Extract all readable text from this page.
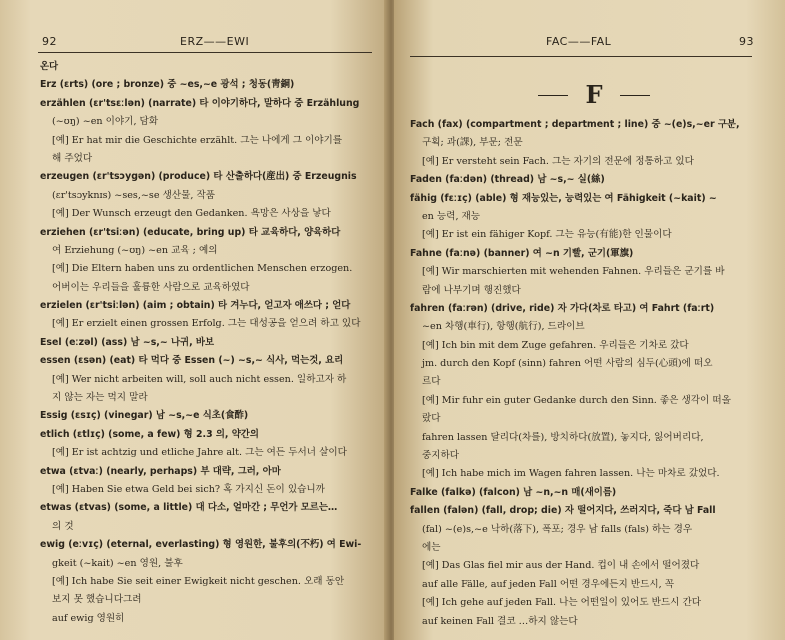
92	ERZ——EWI
온다
Erz (ɛrts) (ore ; bronze) 중 ~es,~e 광석 ; 청동(靑銅)
erzählen (ɛr'tsɛːlən) (narrate) 타 이야기하다, 말하다 중 Erzählung
(~ʊŋ) ~en 이야기, 담화
[예] Er hat mir die Geschichte erzählt. 그는 나에게 그 이야기를
해 주었다
erzeugen (ɛr'tsɔygən) (produce) 타 산출하다(産出) 중 Erzeugnis
(ɛr'tsɔyknɪs) ~ses,~se 생산물, 작품
[예] Der Wunsch erzeugt den Gedanken. 욕망은 사상을 낳다
erziehen (ɛr'tsiːən) (educate, bring up) 타 교육하다, 양육하다
여 Erziehung (~ʊŋ) ~en 교육 ; 예의
[예] Die Eltern haben uns zu ordentlichen Menschen erzogen.
어버이는 우리들을 훌륭한 사람으로 교육하였다
erzielen (ɛr'tsiːlən) (aim ; obtain) 타 겨누다, 얻고자 애쓰다 ; 얻다
[예] Er erzielt einen grossen Erfolg. 그는 대성공을 얻으려 하고 있다
Esel (eːzəl) (ass) 남 ~s,~ 나귀, 바보
essen (ɛsən) (eat) 타 먹다 중 Essen (~) ~s,~ 식사, 먹는것, 요리
[예] Wer nicht arbeiten will, soll auch nicht essen. 일하고자 하
지 않는 자는 먹지 말라
Essig (ɛsɪç) (vinegar) 남 ~s,~e 식초(食酢)
etlich (ɛtlɪç) (some, a few) 형 2.3 의, 약간의
[예] Er ist achtzig und etliche Jahre alt. 그는 여든 두서너 살이다
etwa (ɛtvaː) (nearly, perhaps) 부 대략, 그러, 아마
[예] Haben Sie etwa Geld bei sich? 혹 가지신 돈이 있습니까
etwas (ɛtvas) (some, a little) 대 다소, 얼마간 ; 무언가 모르는…
의 것
ewig (eːvɪç) (eternal, everlasting) 형 영원한, 불후의(不朽) 여 Ewi-
gkeit (~kait) ~en 영원, 불후
[예] Ich habe Sie seit einer Ewigkeit nicht geschen. 오래 동안
보지 못 했습니다그려
auf ewig 영원히
FAC——FAL	93
F
Fach (fax) (compartment ; department ; line) 중 ~(e)s,~er 구분,
구획; 과(課), 부문; 전문
[예] Er versteht sein Fach. 그는 자기의 전문에 정통하고 있다
Faden (faːdən) (thread) 남 ~s,~ 실(絲)
fähig (fɛːɪç) (able) 형 재능있는, 능력있는 여 Fähigkeit (~kait) ~
en 능력, 재능
[예] Er ist ein fähiger Kopf. 그는 유능(有能)한 인물이다
Fahne (faːnə) (banner) 여 ~n 기빨, 군기(軍旗)
[예] Wir marschierten mit wehenden Fahnen. 우리들은 군기를 바
람에 나부기며 행진했다
fahren (faːrən) (drive, ride) 자 가다(차로 타고) 여 Fahrt (faːrt)
~en 차행(車行), 항행(航行), 드라이브
[예] Ich bin mit dem Zuge gefahren. 우리들은 기차로 갔다
jm. durch den Kopf (sinn) fahren 어떤 사람의 심두(心頭)에 떠오
르다
[예] Mir fuhr ein guter Gedanke durch den Sinn. 좋은 생각이 떠올
랐다
fahren lassen 달리다(차를), 방치하다(放置), 놓지다, 잃어버리다,
중지하다
[예] Ich habe mich im Wagen fahren lassen. 나는 마차로 갔었다.
Falke (falkə) (falcon) 남 ~n,~n 매(새이름)
fallen (falən) (fall, drop; die) 자 떨어지다, 쓰러지다, 죽다 남 Fall
(fal) ~(e)s,~e 낙하(落下), 폭포; 경우 남 falls (fals) 하는 경우
에는
[예] Das Glas fiel mir aus der Hand. 컵이 내 손에서 떨어졌다
auf alle Fälle, auf jeden Fall 어떤 경우에든지 반드시, 꼭
[예] Ich gehe auf jeden Fall. 나는 어떤일이 있어도 반드시 간다
auf keinen Fall 결코 …하지 않는다
